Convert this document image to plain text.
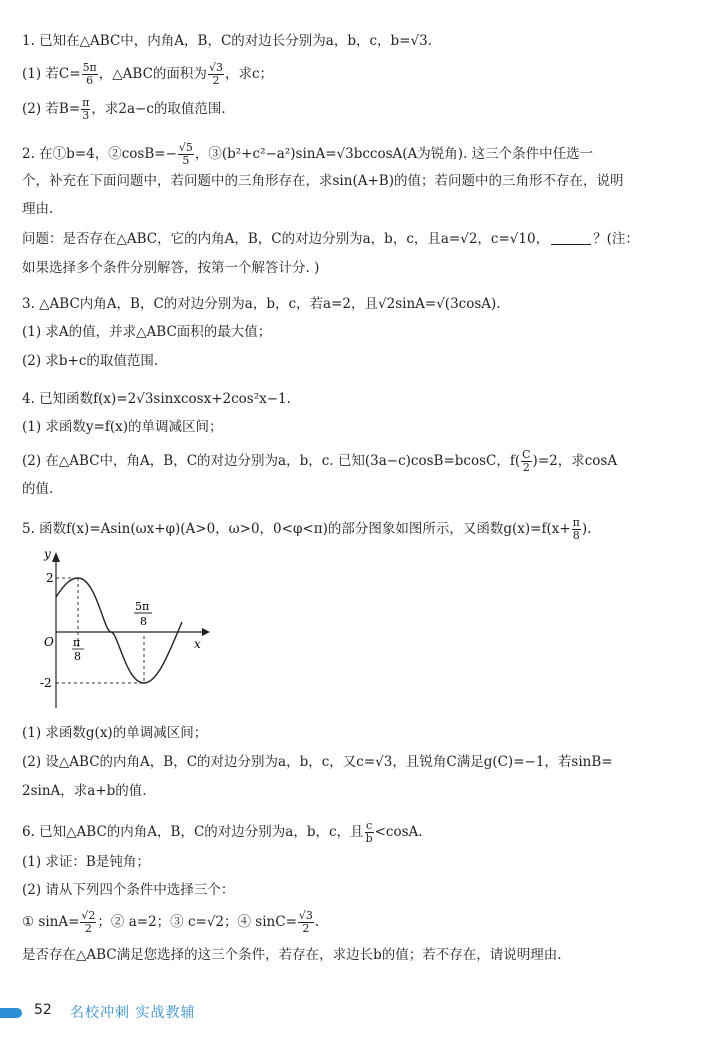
1. 已知在△ABC中，内角A，B，C的对边长分别为a，b，c，b=√3.
(1) 若$C= \frac{5\pi}{6}$ ，△ABC的面积为 $\frac{√3}{2}$ ，求c；
(2) 若$B= \frac{\pi}{3}$ ，求2a−c的取值范围.
2. 在①b=4，②cosB=− $\frac{√5}{5}$ ，③(b²+c²−a²)sinA=√3bccosA(A为锐角). 这三个条件中任选一
个，补充在下面问题中，若问题中的三角形存在，求sin(A+B)的值；若问题中的三角形不存在，说明
理由.
问题：是否存在△ABC，它的内角A，B，C的对边分别为a，b，c，且a=√2，c=√10，	？(注：
如果选择多个条件分别解答，按第一个解答计分. )
3. △ABC内角A，B，C的对边分别为a，b，c，若a=2，且√2sinA=√(3cosA).
(1) 求A的值，并求△ABC面积的最大值；
(2) 求b+c的取值范围.
4. 已知函数f(x)=2√3sinxcosx+2cos²x−1.
(1) 求函数y=f(x)的单调减区间；
(2) 在△ABC中，角A，B，C的对边分别为a，b，c. 已知(3a−c)cosB=bcosC，$f( \frac{C}{2} )=2$，求cosA
的值.
5. 函数f(x)=Asin(ωx+φ)(A>0，ω>0，0<φ<π)的部分图象如图所示，又函数$g(x)=f(x+ \frac{\pi}{8}$ ).
y
x
O
2
-2
π
8
5π
8
(1) 求函数g(x)的单调减区间；
(2) 设△ABC的内角A，B，C的对边分别为a，b，c，又c=√3，且锐角C满足g(C)=−1，若sinB=
2sinA，求a+b的值.
6. 已知△ABC的内角A，B，C的对边分别为a，b，c，且 $\frac{c}{b} <\cos A$.
(1) 求证：B是钝角；
(2) 请从下列四个条件中选择三个：
① $\sin A= \frac{√2}{2}$ ；② a=2；③ c=√2；④ $\sin C= \frac{√3}{2}$ .
是否存在△ABC满足您选择的这三个条件，若存在，求边长b的值；若不存在，请说明理由.
52 名校冲刺 实战教辅
